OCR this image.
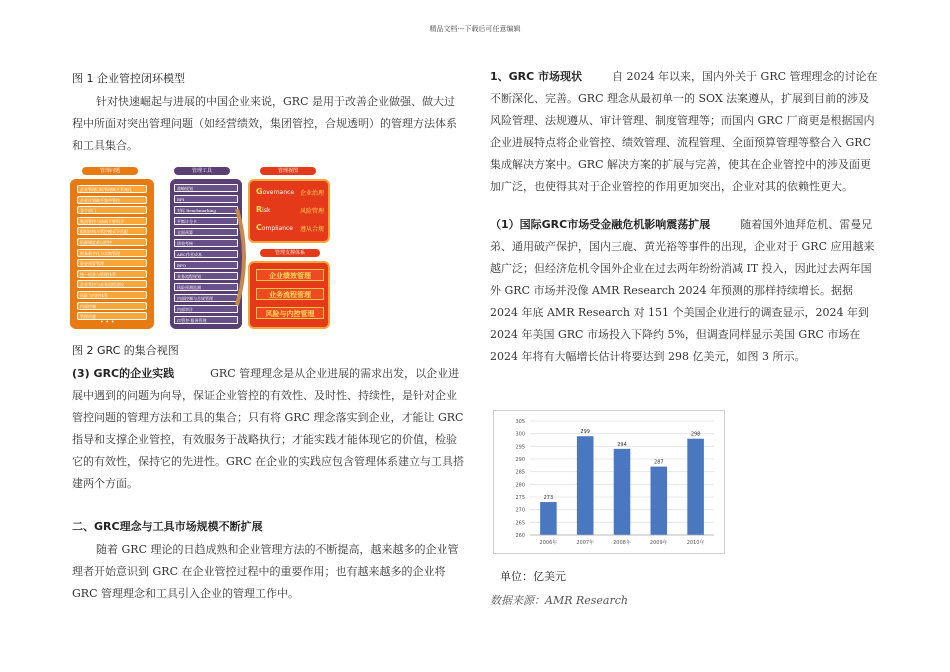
精品文档---下载后可任意编辑
图 1 企业管控闭环模型
针对快速崛起与进展的中国企业来说，GRC 是用于改善企业做强、做大过程中所面对突出管理问题（如经营绩效，集团管控，合规透明）的管理方法体系和工具集合。
管理问题	管理工具	管理视图
企业管理目标管理缺乏系统化
企业计划缺乏集中管控
各个部门
集团管控与协同不够科学
组织结构与管控模式不匹配
资源调度难以把控
财务数字化与实物管理
资金预算管理
统一标准与管理体系
企业管控与业务流程建设
风险与内控体系
内部控制
管理问题
• • •
战略规划
BPI
对标 Benchmarking
平衡计分卡
全面预算
绩效考核
ABC作业成本
BPO
业务流程规划
风险预测监测
内部控制与合规管理
内部审计
IT管控·服务管理
Governance 企业治理
Risk	风险管理
Compliance 遵从合规
管理支撑体系
企业绩效管理
业务流程管理
风险与内控管理
图 2 GRC 的集合视图
(3) GRC的企业实践	GRC 管理理念是从企业进展的需求出发，以企业进展中遇到的问题为向导，保证企业管控的有效性、及时性、持续性，是针对企业管控问题的管理方法和工具的集合；只有将 GRC 理念落实到企业，才能让 GRC 指导和支撑企业管控，有效服务于战略执行；才能实践才能体现它的价值，检验它的有效性，保持它的先进性。GRC 在企业的实践应包含管理体系建立与工具搭建两个方面。
二、GRC理念与工具市场规模不断扩展
随着 GRC 理论的日趋成熟和企业管理方法的不断提高，越来越多的企业管理者开始意识到 GRC 在企业管控过程中的重要作用；也有越来越多的企业将 GRC 管理理念和工具引入企业的管理工作中。
1、GRC 市场现状	自 2024 年以来，国内外关于 GRC 管理理念的讨论在不断深化、完善。GRC 理念从最初单一的 SOX 法案遵从，扩展到目前的涉及风险管理、法规遵从、审计管理、制度管理等；而国内 GRC 厂商更是根据国内企业进展特点将企业管控、绩效管理、流程管理、全面预算管理等整合入 GRC 集成解决方案中。GRC 解决方案的扩展与完善，使其在企业管控中的涉及面更加广泛，也使得其对于企业管控的作用更加突出，企业对其的依赖性更大。
（1）国际GRC市场受金融危机影响震荡扩展	随着国外迪拜危机、雷曼兄弟、通用破产保护，国内三鹿、黄光裕等事件的出现，企业对于 GRC 应用越来越广泛；但经济危机令国外企业在过去两年纷纷消减 IT 投入，因此过去两年国外 GRC 市场并没像 AMR Research 2024 年预测的那样持续增长。据据 2024 年底 AMR Research 对 151 个美国企业进行的调查显示，2024 年到 2024 年美国 GRC 市场投入下降约 5%，但调查同样显示美国 GRC 市场在 2024 年将有大幅增长估计将要达到 298 亿美元，如图 3 所示。
260
265
270
275
280
285
290
295
300
305
273
2006年
299
2007年
294
2008年
287
2009年
298
2010年
单位：亿美元
数据来源：AMR Research
